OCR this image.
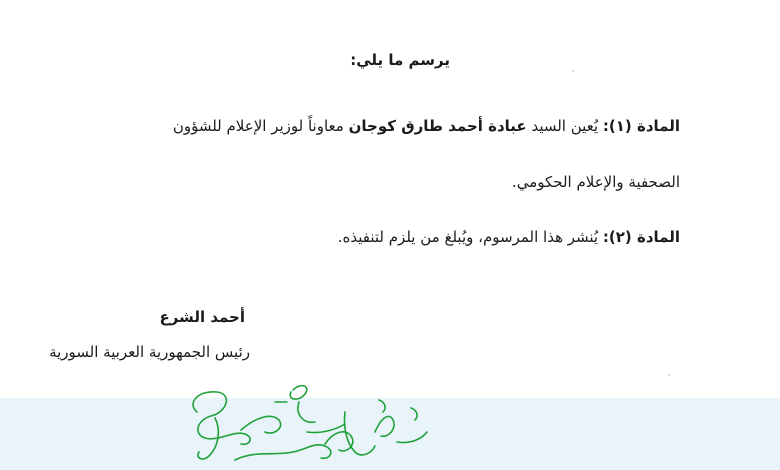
يرسم ما يلي:
المادة (١): يُعين السيد عبادة أحمد طارق كوجان معاوناً لوزير الإعلام للشؤون
الصحفية والإعلام الحكومي.
المادة (٢): يُنشر هذا المرسوم، ويُبلغ من يلزم لتنفيذه.
أحمد الشرع
رئيس الجمهورية العربية السورية
